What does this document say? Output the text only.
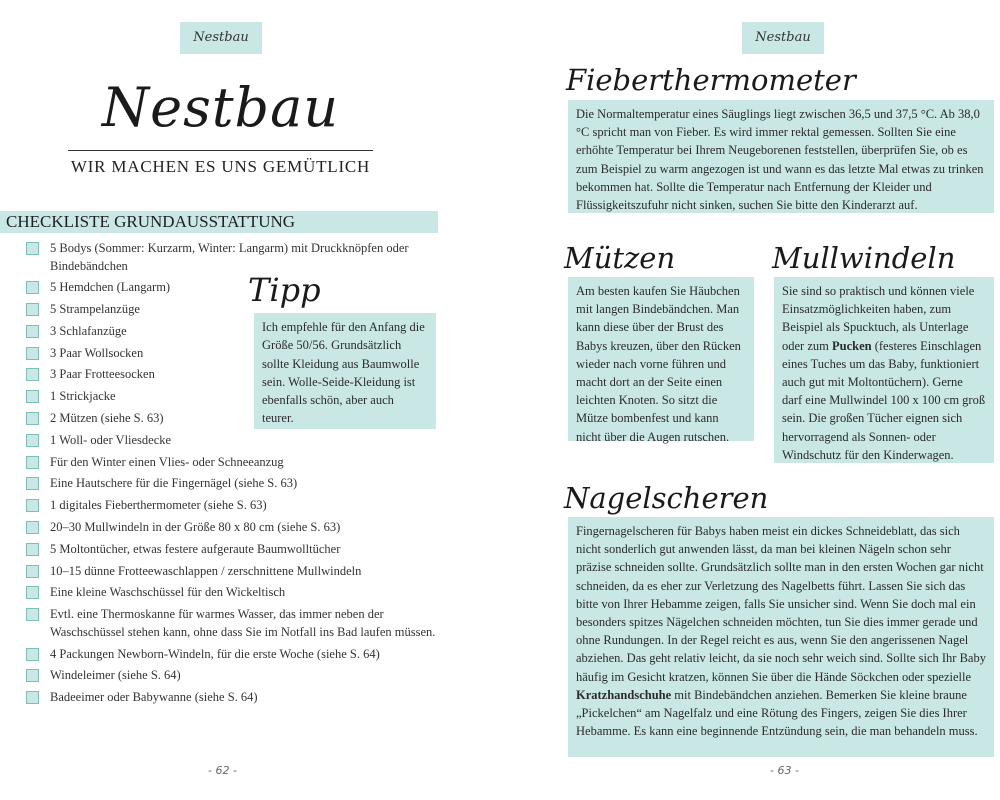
Nestbau
Nestbau
WIR MACHEN ES UNS GEMÜTLICH
CHECKLISTE GRUNDAUSSTATTUNG
5 Bodys (Sommer: Kurzarm, Winter: Langarm) mit Druckknöpfen oder Bindebändchen
5 Hemdchen (Langarm)
5 Strampelanzüge
3 Schlafanzüge
3 Paar Wollsocken
3 Paar Frotteesocken
1 Strickjacke
2 Mützen (siehe S. 63)
1 Woll- oder Vliesdecke
Für den Winter einen Vlies- oder Schneeanzug
Eine Hautschere für die Fingernägel (siehe S. 63)
1 digitales Fieberthermometer (siehe S. 63)
20–30 Mullwindeln in der Größe 80 x 80 cm (siehe S. 63)
5 Moltontücher, etwas festere aufgeraute Baumwolltücher
10–15 dünne Frotteewaschlappen / zerschnittene Mullwindeln
Eine kleine Waschschüssel für den Wickeltisch
Evtl. eine Thermoskanne für warmes Wasser, das immer neben der Waschschüssel stehen kann, ohne dass Sie im Notfall ins Bad laufen müssen.
4 Packungen Newborn-Windeln, für die erste Woche (siehe S. 64)
Windeleimer (siehe S. 64)
Badeeimer oder Babywanne (siehe S. 64)
Tipp
Ich empfehle für den Anfang die Größe 50/56. Grundsätzlich sollte Kleidung aus Baumwolle sein. Wolle-Seide-Kleidung ist ebenfalls schön, aber auch teurer.
- 62 -
Nestbau
Fieberthermometer
Die Normaltemperatur eines Säuglings liegt zwischen 36,5 und 37,5 °C. Ab 38,0 °C spricht man von Fieber. Es wird immer rektal gemessen. Sollten Sie eine erhöhte Temperatur bei Ihrem Neugeborenen feststellen, überprüfen Sie, ob es zum Beispiel zu warm angezogen ist und wann es das letzte Mal etwas zu trinken bekommen hat. Sollte die Temperatur nach Entfernung der Kleider und Flüssigkeitszufuhr nicht sinken, suchen Sie bitte den Kinderarzt auf.
Mützen
Am besten kaufen Sie Häubchen mit langen Bindebändchen. Man kann diese über der Brust des Babys kreuzen, über den Rücken wieder nach vorne führen und macht dort an der Seite einen leichten Knoten. So sitzt die Mütze bombenfest und kann nicht über die Augen rutschen.
Mullwindeln
Sie sind so praktisch und können viele Einsatzmöglichkeiten haben, zum Beispiel als Spucktuch, als Unterlage oder zum Pucken (festeres Einschlagen eines Tuches um das Baby, funktioniert auch gut mit Moltontüchern). Gerne darf eine Mullwindel 100 x 100 cm groß sein. Die großen Tücher eignen sich hervorragend als Sonnen- oder Windschutz für den Kinderwagen.
Nagelscheren
Fingernagelscheren für Babys haben meist ein dickes Schneideblatt, das sich nicht sonderlich gut anwenden lässt, da man bei kleinen Nägeln schon sehr präzise schneiden sollte. Grundsätzlich sollte man in den ersten Wochen gar nicht schneiden, da es eher zur Verletzung des Nagelbetts führt. Lassen Sie sich das bitte von Ihrer Hebamme zeigen, falls Sie unsicher sind. Wenn Sie doch mal ein besonders spitzes Nägelchen schneiden möchten, tun Sie dies immer gerade und ohne Rundungen. In der Regel reicht es aus, wenn Sie den angerissenen Nagel abziehen. Das geht relativ leicht, da sie noch sehr weich sind. Sollte sich Ihr Baby häufig im Gesicht kratzen, können Sie über die Hände Söckchen oder spezielle Kratzhandschuhe mit Bindebändchen anziehen. Bemerken Sie kleine braune „Pickelchen“ am Nagelfalz und eine Rötung des Fingers, zeigen Sie dies Ihrer Hebamme. Es kann eine beginnende Entzündung sein, die man behandeln muss.
- 63 -
